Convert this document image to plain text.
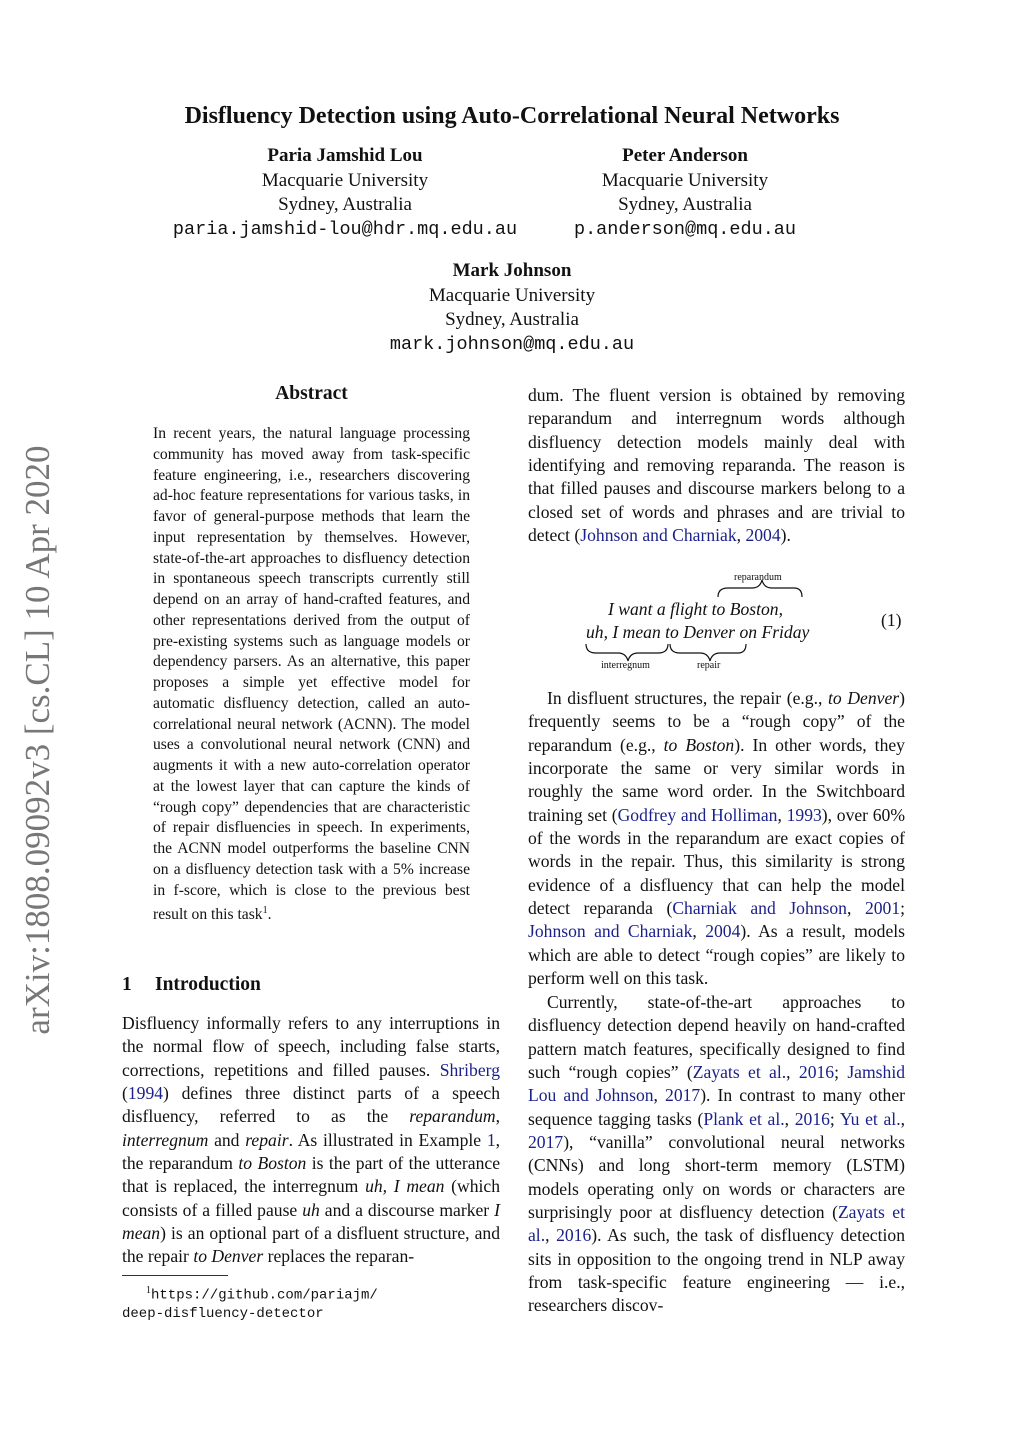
arXiv:1808.09092v3 [cs.CL] 10 Apr 2020
Disfluency Detection using Auto-Correlational Neural Networks
Paria Jamshid Lou
Macquarie University
Sydney, Australia
paria.jamshid-lou@hdr.mq.edu.au
Peter Anderson
Macquarie University
Sydney, Australia
p.anderson@mq.edu.au
Mark Johnson
Macquarie University
Sydney, Australia
mark.johnson@mq.edu.au
Abstract
In recent years, the natural language processing community has moved away from task-specific feature engineering, i.e., researchers discovering ad-hoc feature representations for various tasks, in favor of general-purpose methods that learn the input representation by themselves. However, state-of-the-art approaches to disfluency detection in spontaneous speech transcripts currently still depend on an array of hand-crafted features, and other representations derived from the output of pre-existing systems such as language models or dependency parsers. As an alternative, this paper proposes a simple yet effective model for automatic disfluency detection, called an auto-correlational neural network (ACNN). The model uses a convolutional neural network (CNN) and augments it with a new auto-correlation operator at the lowest layer that can capture the kinds of “rough copy” dependencies that are characteristic of repair disfluencies in speech. In experiments, the ACNN model outperforms the baseline CNN on a disfluency detection task with a 5% increase in f-score, which is close to the previous best result on this task$^1$.
1 Introduction
Disfluency informally refers to any interruptions in the normal flow of speech, including false starts, corrections, repetitions and filled pauses. Shriberg (1994) defines three distinct parts of a speech disfluency, referred to as the reparandum, interregnum and repair. As illustrated in Example 1, the reparandum to Boston is the part of the utterance that is replaced, the interregnum uh, I mean (which consists of a filled pause uh and a discourse marker I mean) is an optional part of a disfluent structure, and the repair to Denver replaces the reparan-
$^1$https://github.com/pariajm/
deep-disfluency-detector
dum. The fluent version is obtained by removing reparandum and interregnum words although disfluency detection models mainly deal with identifying and removing reparanda. The reason is that filled pauses and discourse markers belong to a closed set of words and phrases and are trivial to detect (Johnson and Charniak, 2004).
reparandum
I want a flight to Boston,
uh, I mean to Denver on Friday
interregnum	repair
(1)
In disfluent structures, the repair (e.g., to Denver) frequently seems to be a “rough copy” of the reparandum (e.g., to Boston). In other words, they incorporate the same or very similar words in roughly the same word order. In the Switchboard training set (Godfrey and Holliman, 1993), over 60% of the words in the reparandum are exact copies of words in the repair. Thus, this similarity is strong evidence of a disfluency that can help the model detect reparanda (Charniak and Johnson, 2001; Johnson and Charniak, 2004). As a result, models which are able to detect “rough copies” are likely to perform well on this task.
Currently, state-of-the-art approaches to disfluency detection depend heavily on hand-crafted pattern match features, specifically designed to find such “rough copies” (Zayats et al., 2016; Jamshid Lou and Johnson, 2017). In contrast to many other sequence tagging tasks (Plank et al., 2016; Yu et al., 2017), “vanilla” convolutional neural networks (CNNs) and long short-term memory (LSTM) models operating only on words or characters are surprisingly poor at disfluency detection (Zayats et al., 2016). As such, the task of disfluency detection sits in opposition to the ongoing trend in NLP away from task-specific feature engineering — i.e., researchers discov-
